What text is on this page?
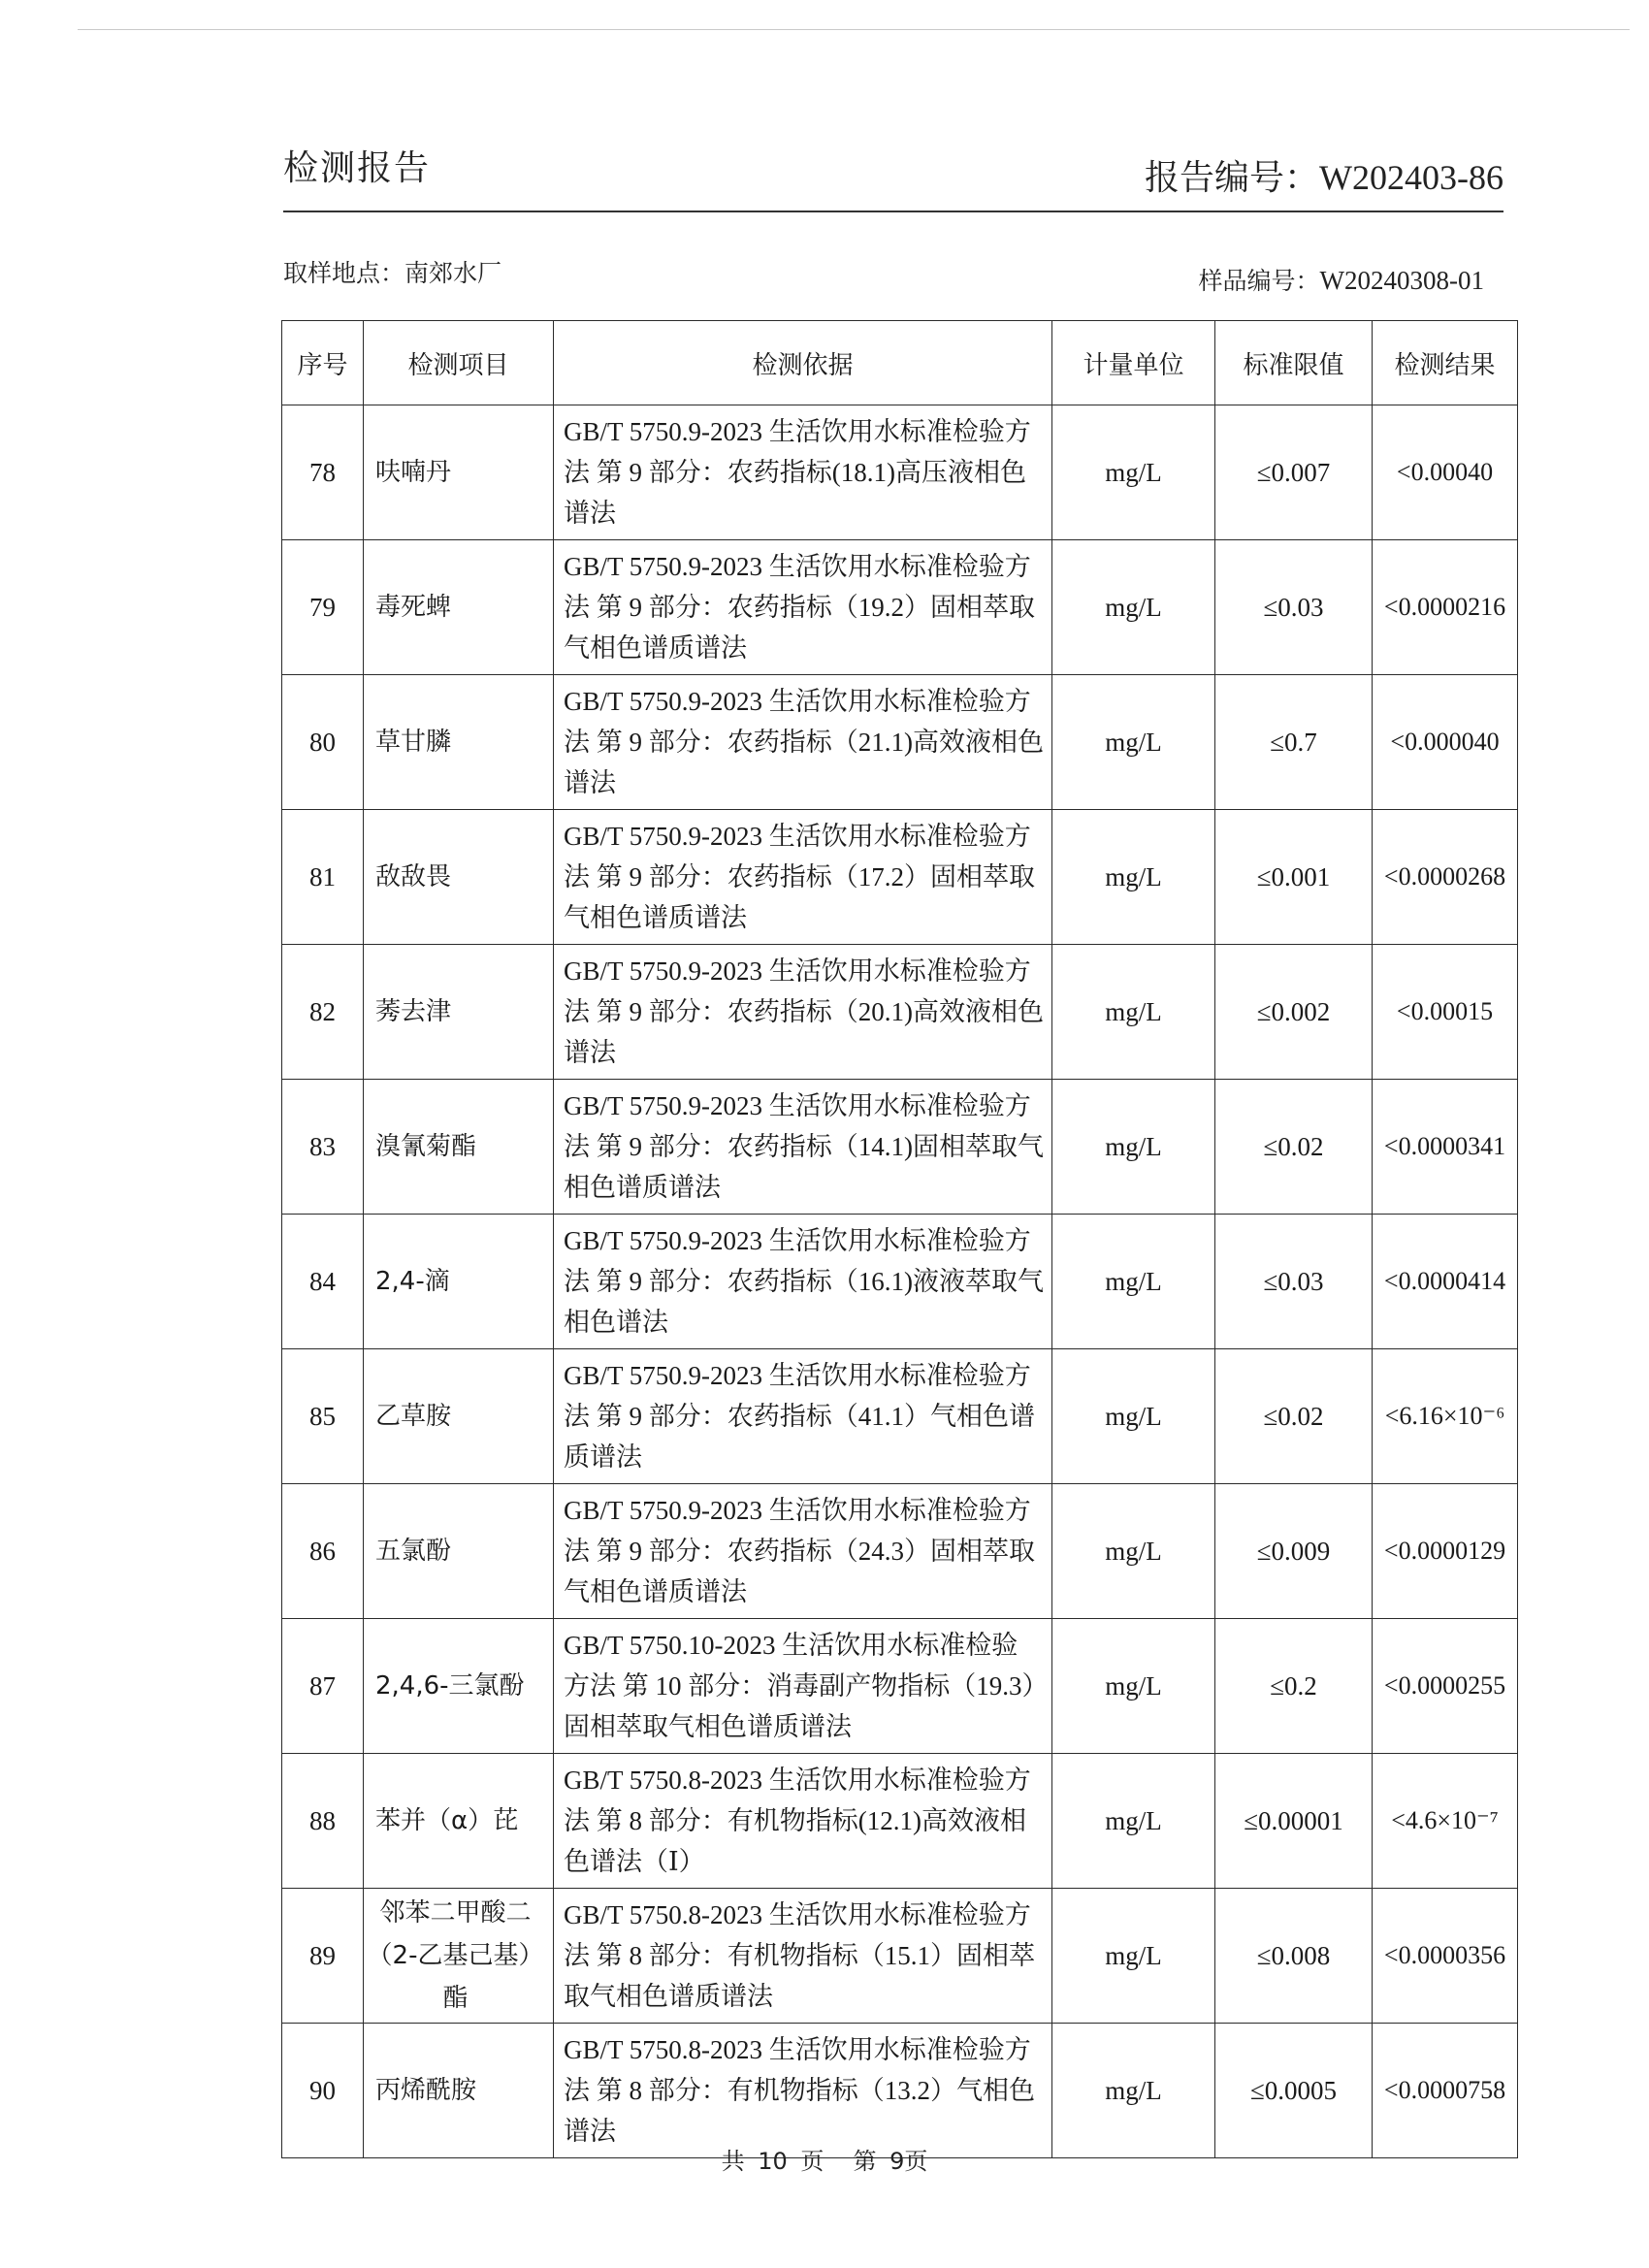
检测报告	报告编号：W202403-86
取样地点：南郊水厂	样品编号：W20240308-01
序号	检测项目	检测依据	计量单位	标准限值	检测结果
78	呋喃丹	GB/T 5750.9-2023 生活饮用水标准检验方法 第 9 部分：农药指标(18.1)高压液相色谱法	mg/L	≤0.007	<0.00040
79	毒死蜱	GB/T 5750.9-2023 生活饮用水标准检验方法 第 9 部分：农药指标（19.2）固相萃取气相色谱质谱法	mg/L	≤0.03	<0.0000216
80	草甘膦	GB/T 5750.9-2023 生活饮用水标准检验方法 第 9 部分：农药指标（21.1)高效液相色谱法	mg/L	≤0.7	<0.000040
81	敌敌畏	GB/T 5750.9-2023 生活饮用水标准检验方法 第 9 部分：农药指标（17.2）固相萃取气相色谱质谱法	mg/L	≤0.001	<0.0000268
82	莠去津	GB/T 5750.9-2023 生活饮用水标准检验方法 第 9 部分：农药指标（20.1)高效液相色谱法	mg/L	≤0.002	<0.00015
83	溴氰菊酯	GB/T 5750.9-2023 生活饮用水标准检验方法 第 9 部分：农药指标（14.1)固相萃取气相色谱质谱法	mg/L	≤0.02	<0.0000341
84	2,4-滴	GB/T 5750.9-2023 生活饮用水标准检验方法 第 9 部分：农药指标（16.1)液液萃取气相色谱法	mg/L	≤0.03	<0.0000414
85	乙草胺	GB/T 5750.9-2023 生活饮用水标准检验方法 第 9 部分：农药指标（41.1）气相色谱质谱法	mg/L	≤0.02	<6.16×10⁻⁶
86	五氯酚	GB/T 5750.9-2023 生活饮用水标准检验方法 第 9 部分：农药指标（24.3）固相萃取气相色谱质谱法	mg/L	≤0.009	<0.0000129
87	2,4,6-三氯酚	GB/T 5750.10-2023 生活饮用水标准检验方法 第 10 部分：消毒副产物指标（19.3）固相萃取气相色谱质谱法	mg/L	≤0.2	<0.0000255
88	苯并（α）芘	GB/T 5750.8-2023 生活饮用水标准检验方法 第 8 部分：有机物指标(12.1)高效液相色谱法（Ⅰ）	mg/L	≤0.00001	<4.6×10⁻⁷
89	邻苯二甲酸二（2-乙基己基）酯	GB/T 5750.8-2023 生活饮用水标准检验方法 第 8 部分：有机物指标（15.1）固相萃取气相色谱质谱法	mg/L	≤0.008	<0.0000356
90	丙烯酰胺	GB/T 5750.8-2023 生活饮用水标准检验方法 第 8 部分：有机物指标（13.2）气相色谱法	mg/L	≤0.0005	<0.0000758
共 10 页 第 9页
